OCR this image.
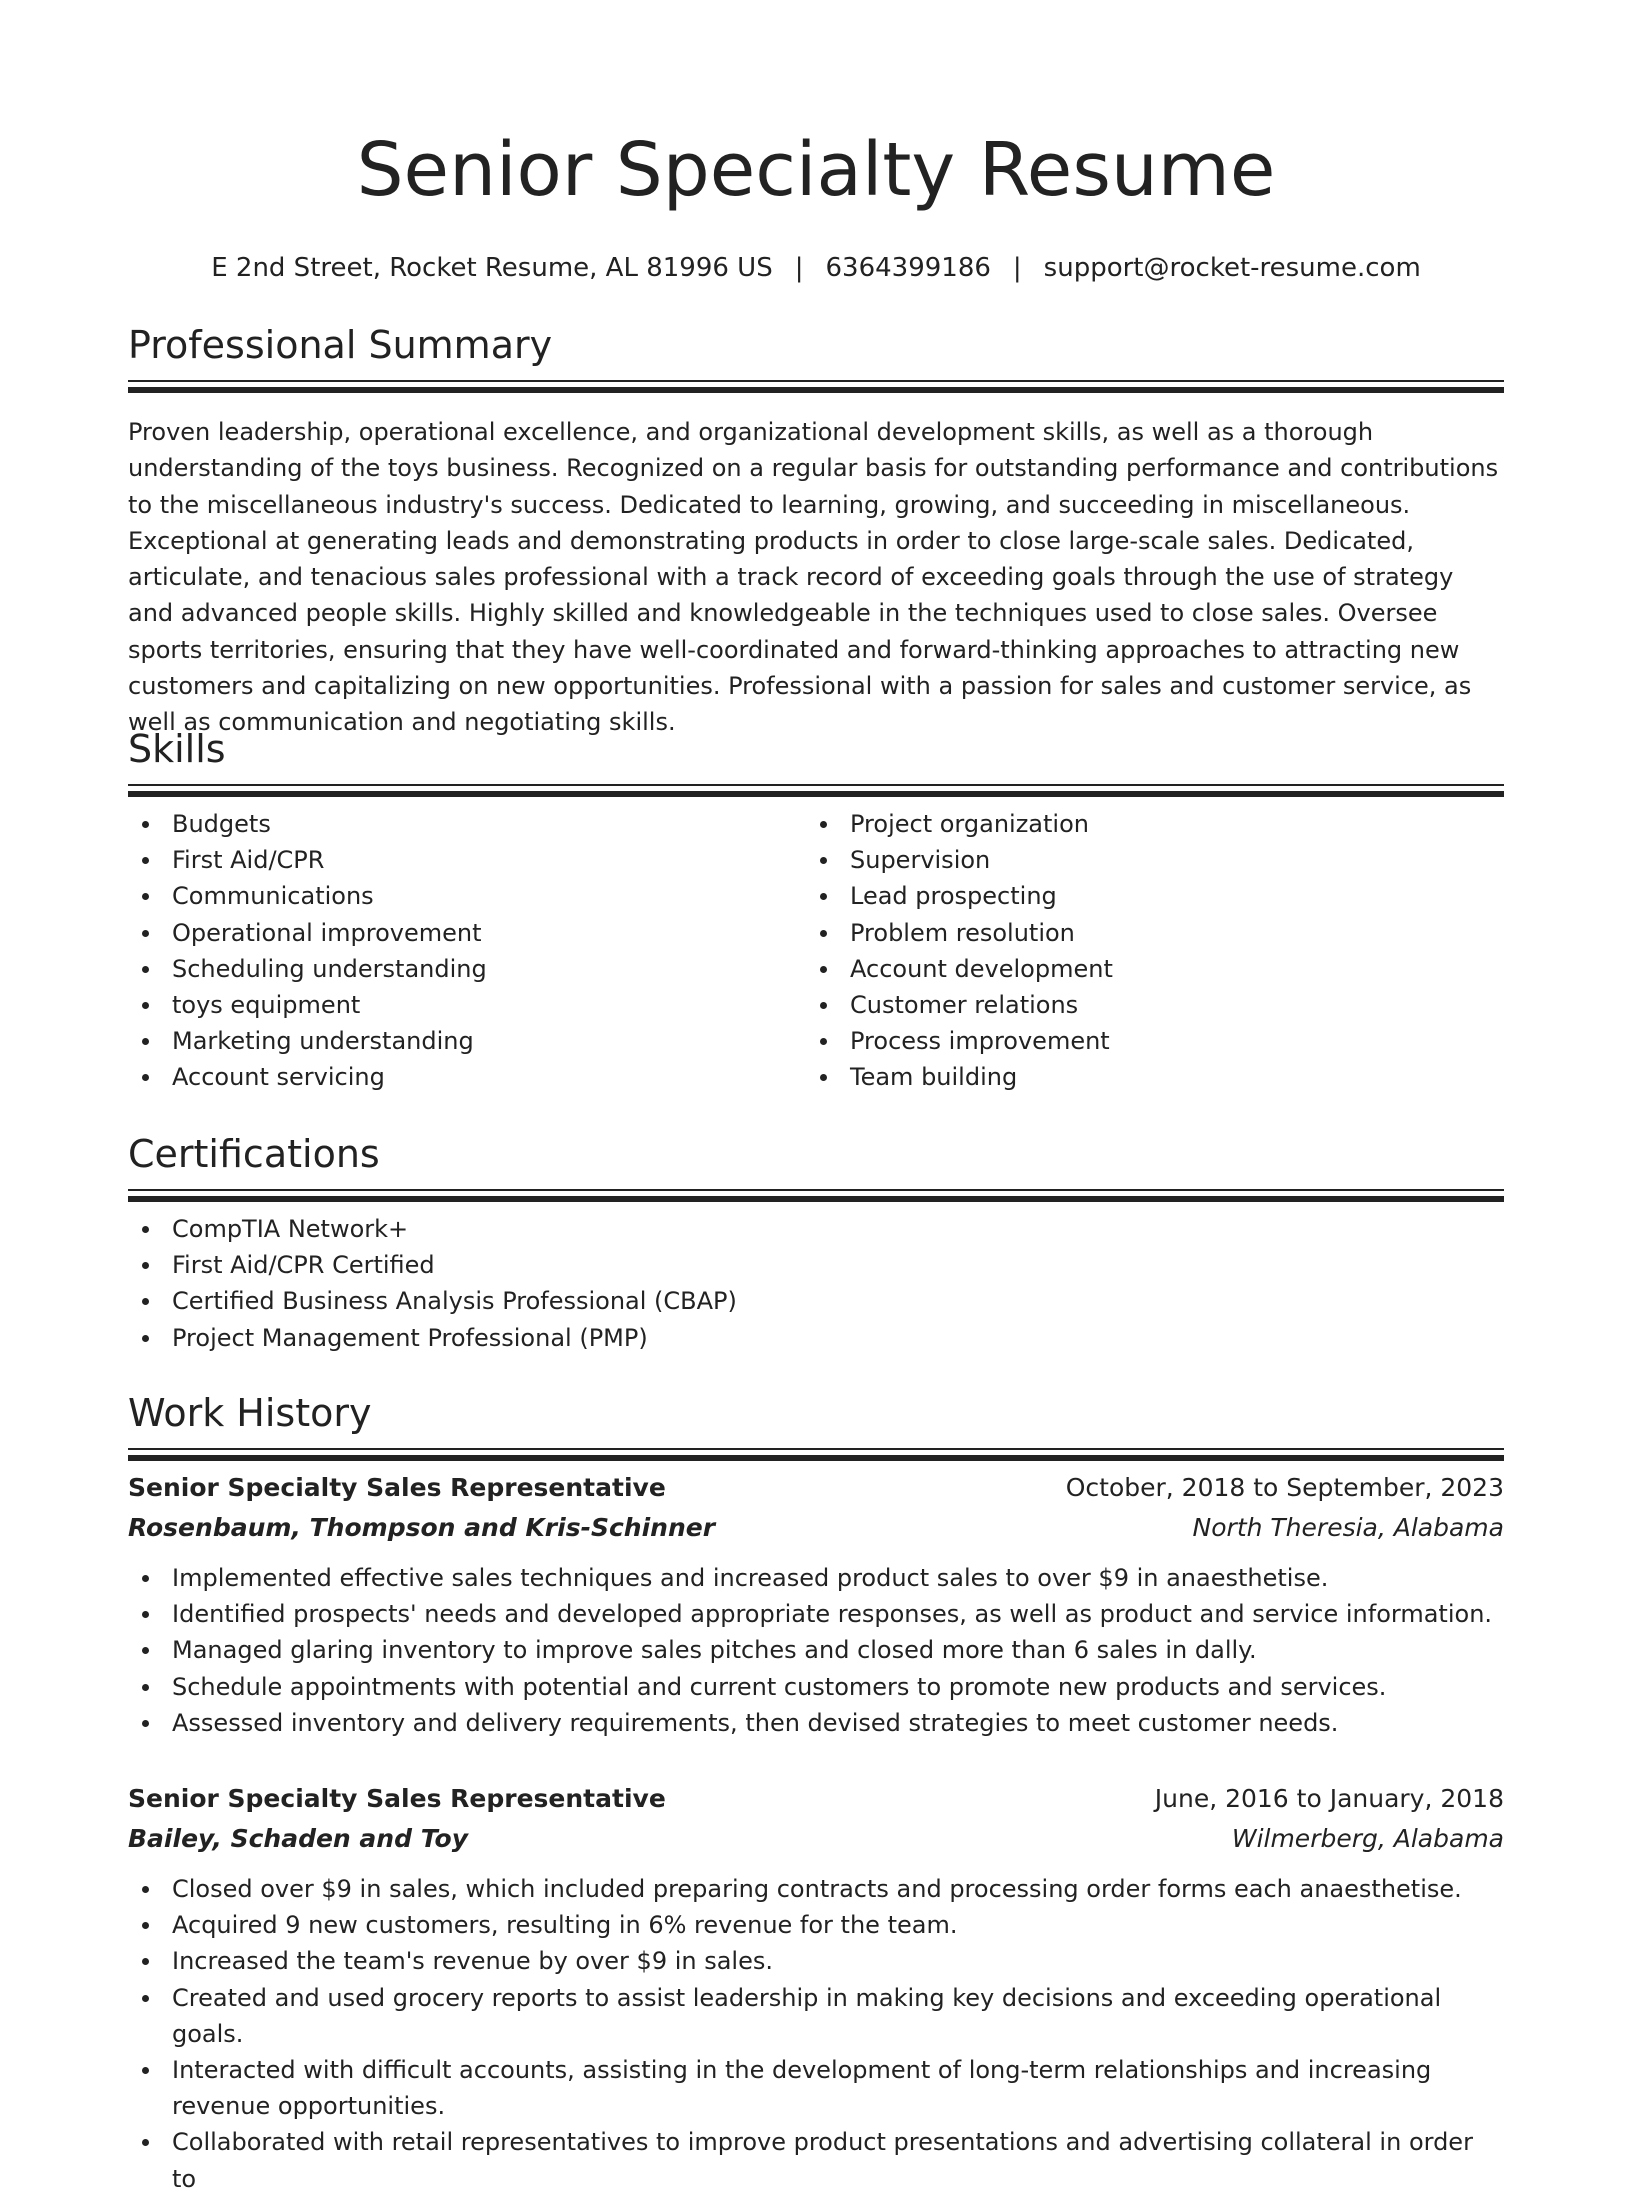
Senior Specialty Resume
E 2nd Street, Rocket Resume, AL 81996 US | 6364399186 | support@rocket-resume.com
Professional Summary

Proven leadership, operational excellence, and organizational development skills, as well as a thorough understanding of the toys business. Recognized on a regular basis for outstanding performance and contributions to the miscellaneous industry's success. Dedicated to learning, growing, and succeeding in miscellaneous. Exceptional at generating leads and demonstrating products in order to close large-scale sales. Dedicated, articulate, and tenacious sales professional with a track record of exceeding goals through the use of strategy and advanced people skills. Highly skilled and knowledgeable in the techniques used to close sales. Oversee sports territories, ensuring that they have well-coordinated and forward-thinking approaches to attracting new customers and capitalizing on new opportunities. Professional with a passion for sales and customer service, as well as communication and negotiating skills.

Skills
Budgets
First Aid/CPR
Communications
Operational improvement
Scheduling understanding
toys equipment
Marketing understanding
Account servicing
Project organization
Supervision
Lead prospecting
Problem resolution
Account development
Customer relations
Process improvement
Team building
Certifications
CompTIA Network+
First Aid/CPR Certified
Certified Business Analysis Professional (CBAP)
Project Management Professional (PMP)
Work History
Senior Specialty Sales Representative	October, 2018 to September, 2023
Rosenbaum, Thompson and Kris-Schinner	North Theresia, Alabama
Implemented effective sales techniques and increased product sales to over $9 in anaesthetise.
Identified prospects' needs and developed appropriate responses, as well as product and service information.
Managed glaring inventory to improve sales pitches and closed more than 6 sales in dally.
Schedule appointments with potential and current customers to promote new products and services.
Assessed inventory and delivery requirements, then devised strategies to meet customer needs.
Senior Specialty Sales Representative	June, 2016 to January, 2018
Bailey, Schaden and Toy	Wilmerberg, Alabama
Closed over $9 in sales, which included preparing contracts and processing order forms each anaesthetise.
Acquired 9 new customers, resulting in 6% revenue for the team.
Increased the team's revenue by over $9 in sales.
Created and used grocery reports to assist leadership in making key decisions and exceeding operational goals.
Interacted with difficult accounts, assisting in the development of long-term relationships and increasing revenue opportunities.
Collaborated with retail representatives to improve product presentations and advertising collateral in order to
